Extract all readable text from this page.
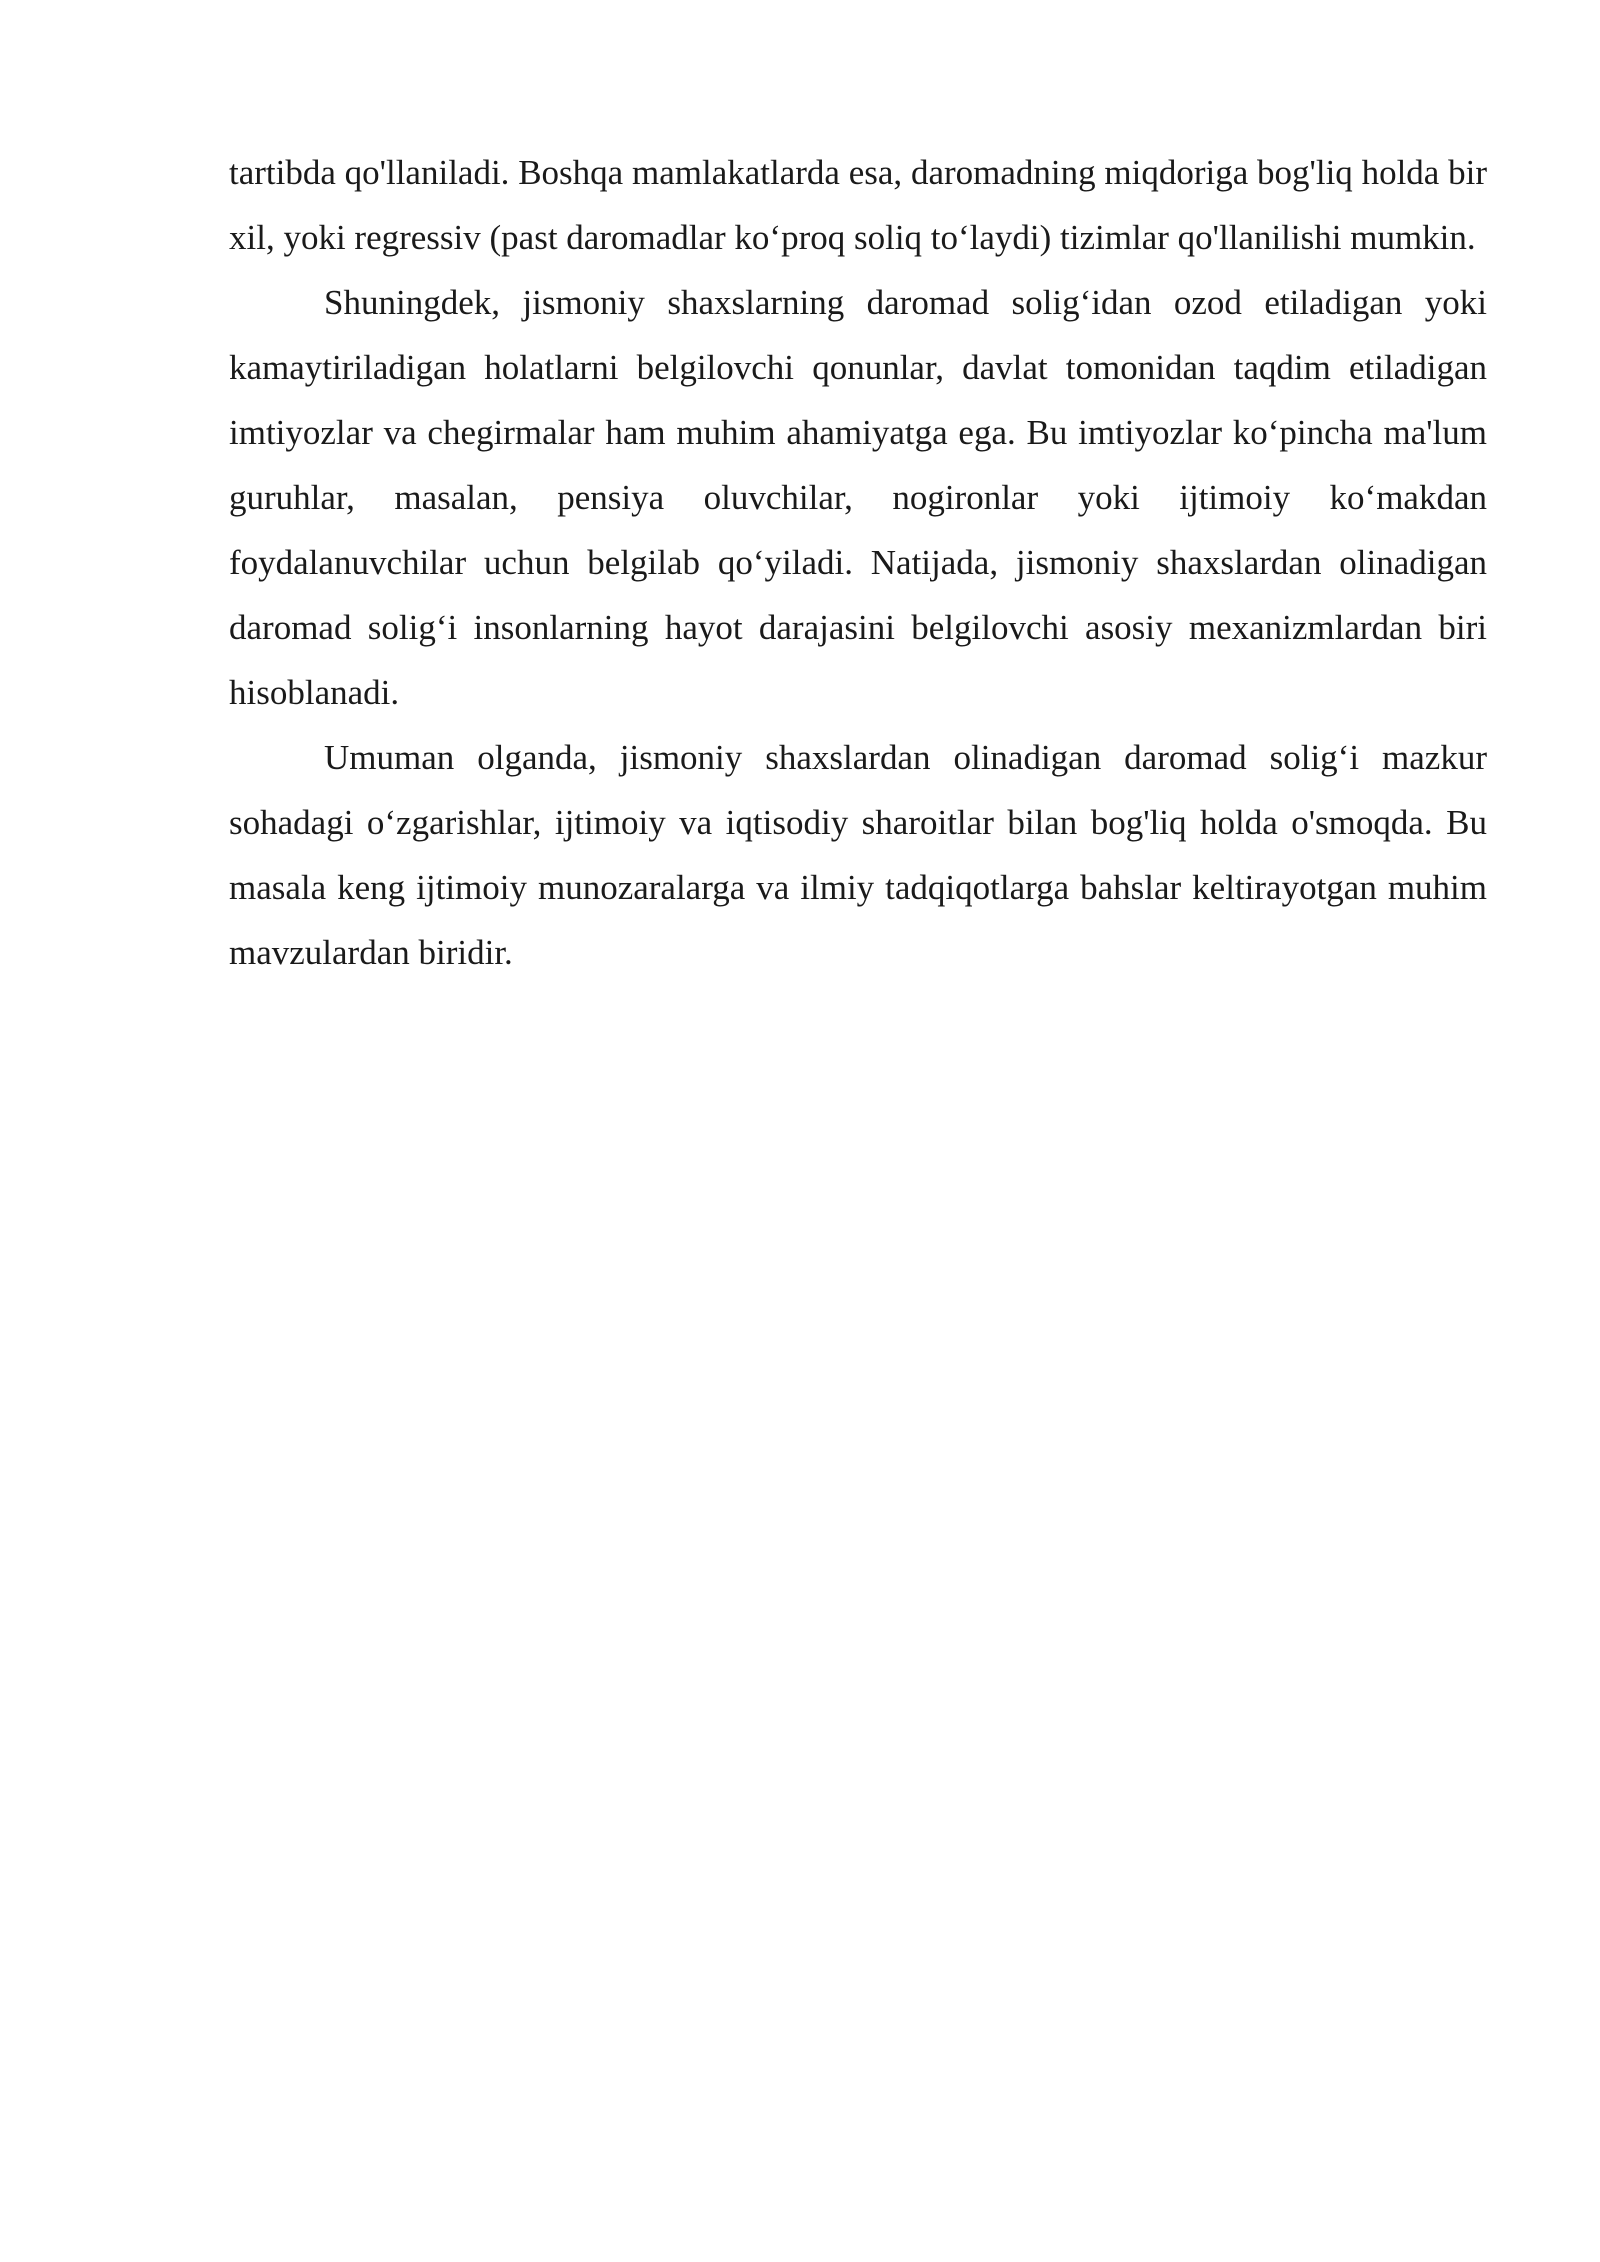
tartibda qo'llaniladi. Boshqa mamlakatlarda esa, daromadning miqdoriga bog'liq holda bir xil, yoki regressiv (past daromadlar ko‘proq soliq to‘laydi) tizimlar qo'llanilishi mumkin.

Shuningdek, jismoniy shaxslarning daromad solig‘idan ozod etiladigan yoki kamaytiriladigan holatlarni belgilovchi qonunlar, davlat tomonidan taqdim etiladigan imtiyozlar va chegirmalar ham muhim ahamiyatga ega. Bu imtiyozlar ko‘pincha ma'lum guruhlar, masalan, pensiya oluvchilar, nogironlar yoki ijtimoiy ko‘makdan foydalanuvchilar uchun belgilab qo‘yiladi. Natijada, jismoniy shaxslardan olinadigan daromad solig‘i insonlarning hayot darajasini belgilovchi asosiy mexanizmlardan biri hisoblanadi.

Umuman olganda, jismoniy shaxslardan olinadigan daromad solig‘i mazkur sohadagi o‘zgarishlar, ijtimoiy va iqtisodiy sharoitlar bilan bog'liq holda o'smoqda. Bu masala keng ijtimoiy munozaralarga va ilmiy tadqiqotlarga bahslar keltirayotgan muhim mavzulardan biridir.
